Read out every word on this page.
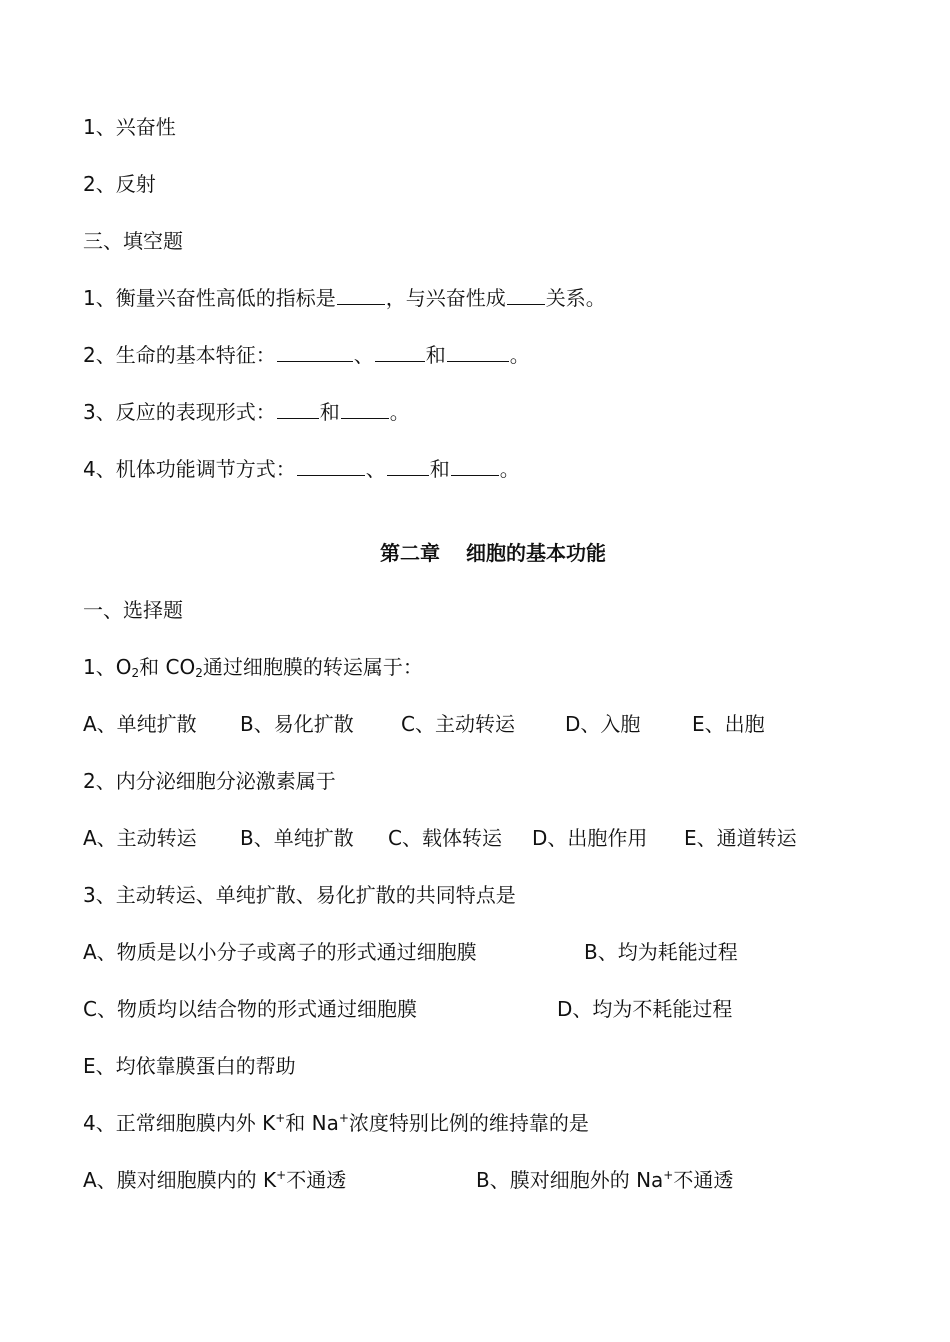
1、兴奋性
2、反射
三、填空题
1、衡量兴奋性高低的指标是	，与兴奋性成 关系。
2、生命的基本特征：	、	和	。
3、反应的表现形式： 和	。
4、机体功能调节方式：	、 和	。
第二章 细胞的基本功能
一、选择题
1、$O_2$和 $CO_2$通过细胞膜的转运属于：
A、单纯扩散 B、易化扩散 C、主动转运	D、入胞	E、出胞
2、内分泌细胞分泌激素属于
A、主动转运 B、单纯扩散 C、载体转运 D、出胞作用 E、通道转运
3、主动转运、单纯扩散、易化扩散的共同特点是
A、物质是以小分子或离子的形式通过细胞膜	B、均为耗能过程
C、物质均以结合物的形式通过细胞膜	D、均为不耗能过程
E、均依靠膜蛋白的帮助
4、正常细胞膜内外 K+和 Na+浓度特别比例的维持靠的是
A、膜对细胞膜内的 K+不通透	B、膜对细胞外的 Na+不通透
